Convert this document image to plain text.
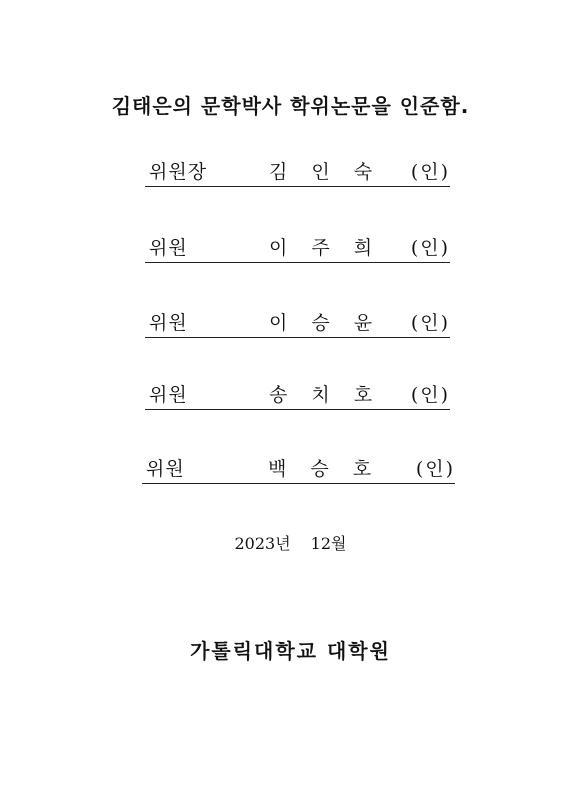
김태은의 문학박사 학위논문을 인준함.
위원장	김 인 숙 (인)
위원	이 주 희 (인)
위원	이 승 윤 (인)
위원	송 치 호 (인)
위원	백 승 호 (인)
2023년 12월
가톨릭대학교 대학원
